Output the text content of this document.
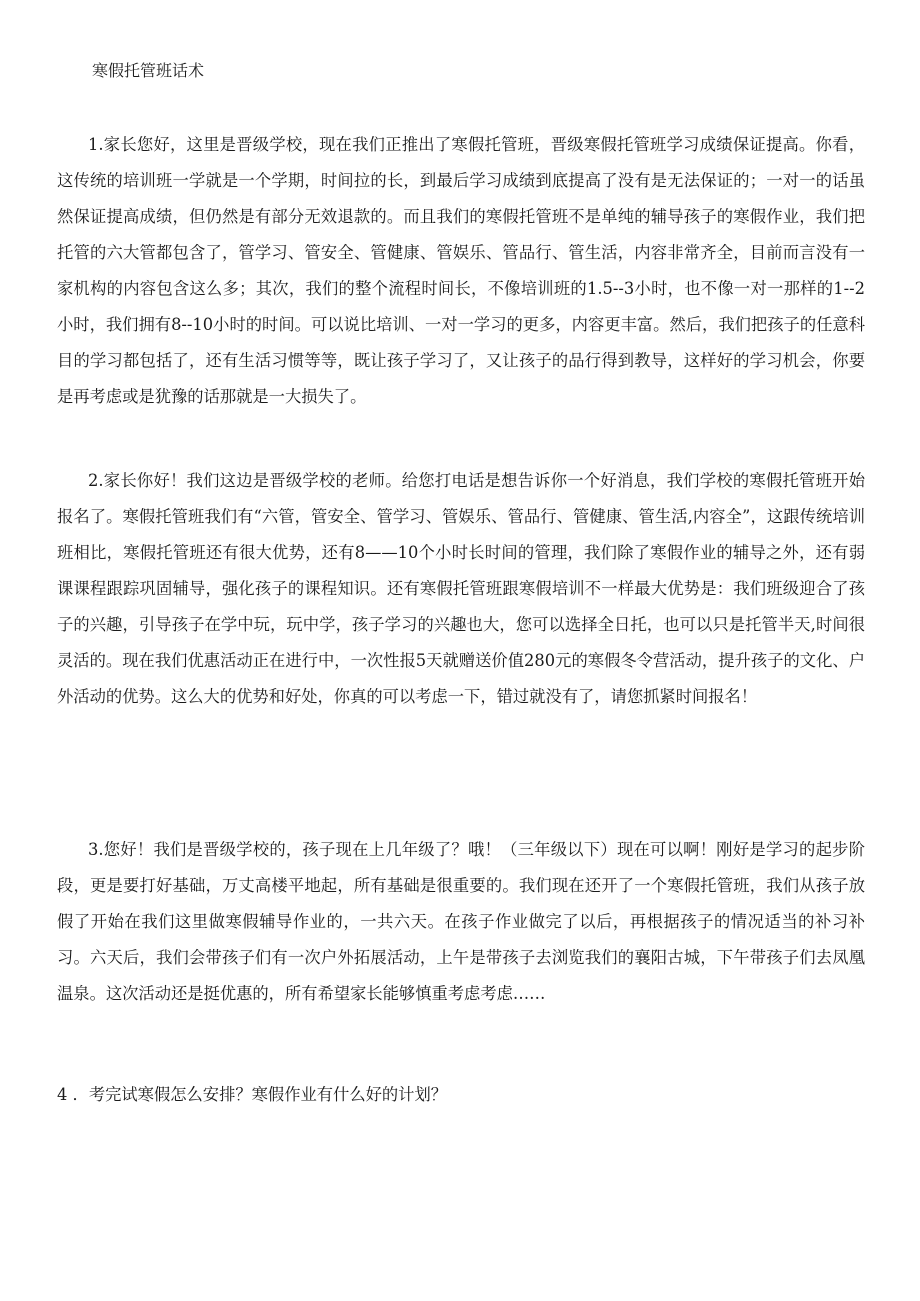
寒假托管班话术

1.家长您好，这里是晋级学校，现在我们正推出了寒假托管班，晋级寒假托管班学习成绩保证提高。你看，这传统的培训班一学就是一个学期，时间拉的长，到最后学习成绩到底提高了没有是无法保证的；一对一的话虽然保证提高成绩，但仍然是有部分无效退款的。而且我们的寒假托管班不是单纯的辅导孩子的寒假作业，我们把托管的六大管都包含了，管学习、管安全、管健康、管娱乐、管品行、管生活，内容非常齐全，目前而言没有一家机构的内容包含这么多；其次，我们的整个流程时间长，不像培训班的1.5--3小时，也不像一对一那样的1--2小时，我们拥有8--10小时的时间。可以说比培训、一对一学习的更多，内容更丰富。然后，我们把孩子的任意科目的学习都包括了，还有生活习惯等等，既让孩子学习了，又让孩子的品行得到教导，这样好的学习机会，你要是再考虑或是犹豫的话那就是一大损失了。

2.家长你好！我们这边是晋级学校的老师。给您打电话是想告诉你一个好消息，我们学校的寒假托管班开始报名了。寒假托管班我们有“六管，管安全、管学习、管娱乐、管品行、管健康、管生活,内容全”，这跟传统培训班相比，寒假托管班还有很大优势，还有8——10个小时长时间的管理，我们除了寒假作业的辅导之外，还有弱课课程跟踪巩固辅导，强化孩子的课程知识。还有寒假托管班跟寒假培训不一样最大优势是：我们班级迎合了孩子的兴趣，引导孩子在学中玩，玩中学，孩子学习的兴趣也大，您可以选择全日托，也可以只是托管半天,时间很灵活的。现在我们优惠活动正在进行中，一次性报5天就赠送价值280元的寒假冬令营活动，提升孩子的文化、户外活动的优势。这么大的优势和好处，你真的可以考虑一下，错过就没有了，请您抓紧时间报名！

3.您好！我们是晋级学校的，孩子现在上几年级了？哦！（三年级以下）现在可以啊！刚好是学习的起步阶段，更是要打好基础，万丈高楼平地起，所有基础是很重要的。我们现在还开了一个寒假托管班，我们从孩子放假了开始在我们这里做寒假辅导作业的，一共六天。在孩子作业做完了以后，再根据孩子的情况适当的补习补习。六天后，我们会带孩子们有一次户外拓展活动，上午是带孩子去浏览我们的襄阳古城，下午带孩子们去凤凰温泉。这次活动还是挺优惠的，所有希望家长能够慎重考虑考虑……

4 ．考完试寒假怎么安排？寒假作业有什么好的计划？
